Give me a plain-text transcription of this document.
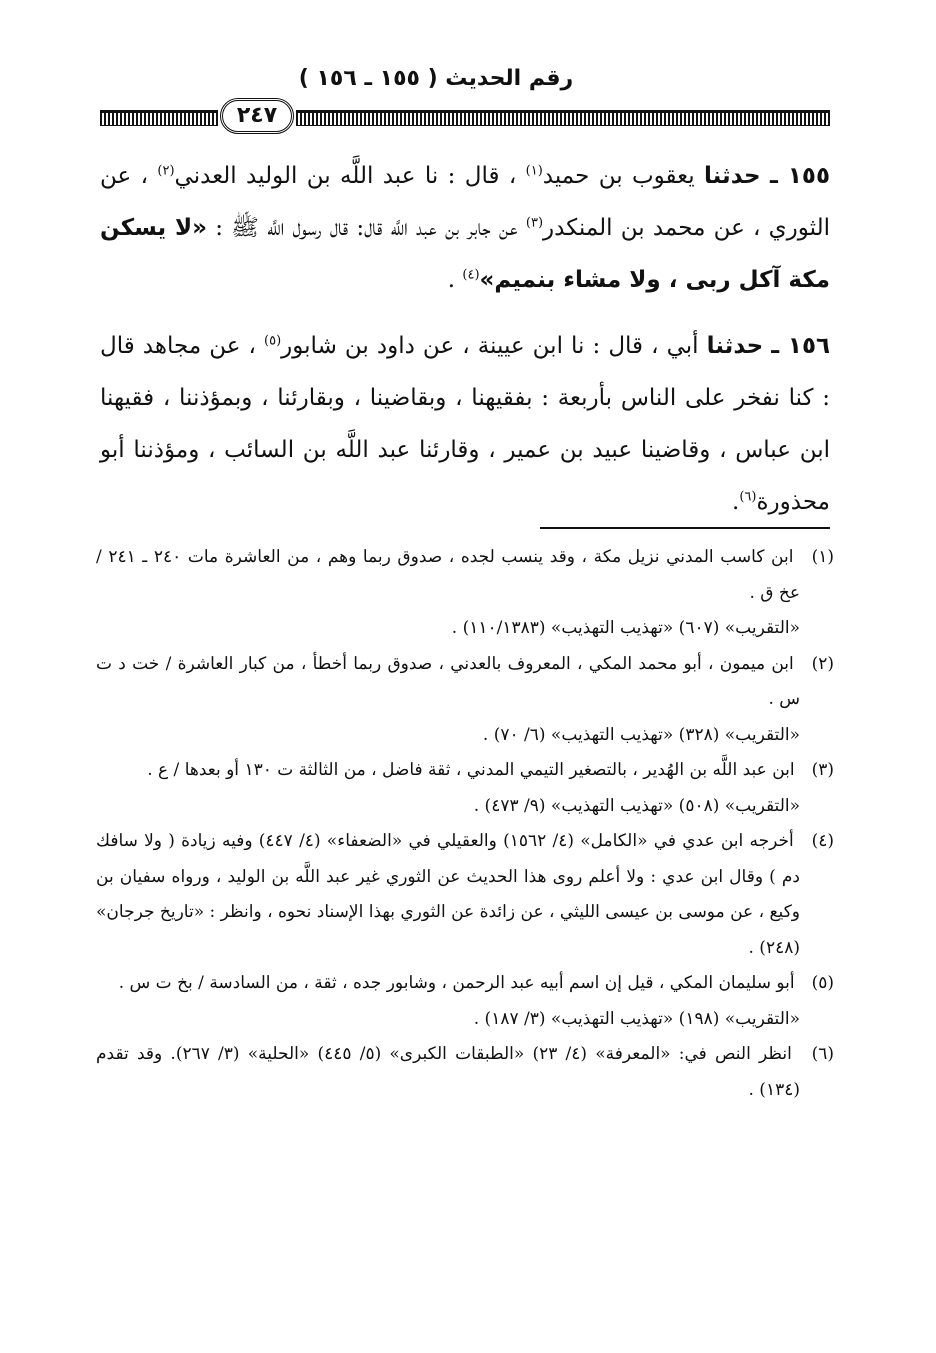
رقم الحديث ( ١٥٥ ـ ١٥٦ )
٢٤٧

١٥٥ ـ حدثنا يعقوب بن حميد$^{(١)}$ ، قال : نا عبد اللَّه بن الوليد العدني$^{(٢)}$ ، عن الثوري ، عن محمد بن المنكدر$^{(٣)}$ عن جابر بن عبد اللَّه قال: قال رسول اللَّه ﷺ : «لا يسكن مكة آكل ربى ، ولا مشاء بنميم»$^{(٤)}$ .

١٥٦ ـ حدثنا أبي ، قال : نا ابن عيينة ، عن داود بن شابور$^{(٥)}$ ، عن مجاهد قال : كنا نفخر على الناس بأربعة : بفقيهنا ، وبقاضينا ، وبقارئنا ، وبمؤذننا ، فقيهنا ابن عباس ، وقاضينا عبيد بن عمير ، وقارئنا عبد اللَّه بن السائب ، ومؤذننا أبو محذورة$^{(٦)}$.

(١) ابن كاسب المدني نزيل مكة ، وقد ينسب لجده ، صدوق ربما وهم ، من العاشرة مات ٢٤٠ ـ ٢٤١ / عخ ق .
«التقريب» (٦٠٧) «تهذيب التهذيب» (١١٠/١٣٨٣) .
(٢) ابن ميمون ، أبو محمد المكي ، المعروف بالعدني ، صدوق ربما أخطأ ، من كبار العاشرة / خت د ت س .
«التقريب» (٣٢٨) «تهذيب التهذيب» (٦/ ٧٠) .
(٣) ابن عبد اللَّه بن الهُدير ، بالتصغير التيمي المدني ، ثقة فاضل ، من الثالثة ت ١٣٠ أو بعدها / ع .
«التقريب» (٥٠٨) «تهذيب التهذيب» (٩/ ٤٧٣) .
(٤) أخرجه ابن عدي في «الكامل» (٤/ ١٥٦٢) والعقيلي في «الضعفاء» (٤/ ٤٤٧) وفيه زيادة ( ولا سافك دم ) وقال ابن عدي : ولا أعلم روى هذا الحديث عن الثوري غير عبد اللَّه بن الوليد ، ورواه سفيان بن وكيع ، عن موسى بن عيسى الليثي ، عن زائدة عن الثوري بهذا الإسناد نحوه ، وانظر : «تاريخ جرجان» (٢٤٨) .
(٥) أبو سليمان المكي ، قيل إن اسم أبيه عبد الرحمن ، وشابور جده ، ثقة ، من السادسة / بخ ت س .
«التقريب» (١٩٨) «تهذيب التهذيب» (٣/ ١٨٧) .
(٦) انظر النص في: «المعرفة» (٤/ ٢٣) «الطبقات الكبرى» (٥/ ٤٤٥) «الحلية» (٣/ ٢٦٧). وقد تقدم (١٣٤) .
